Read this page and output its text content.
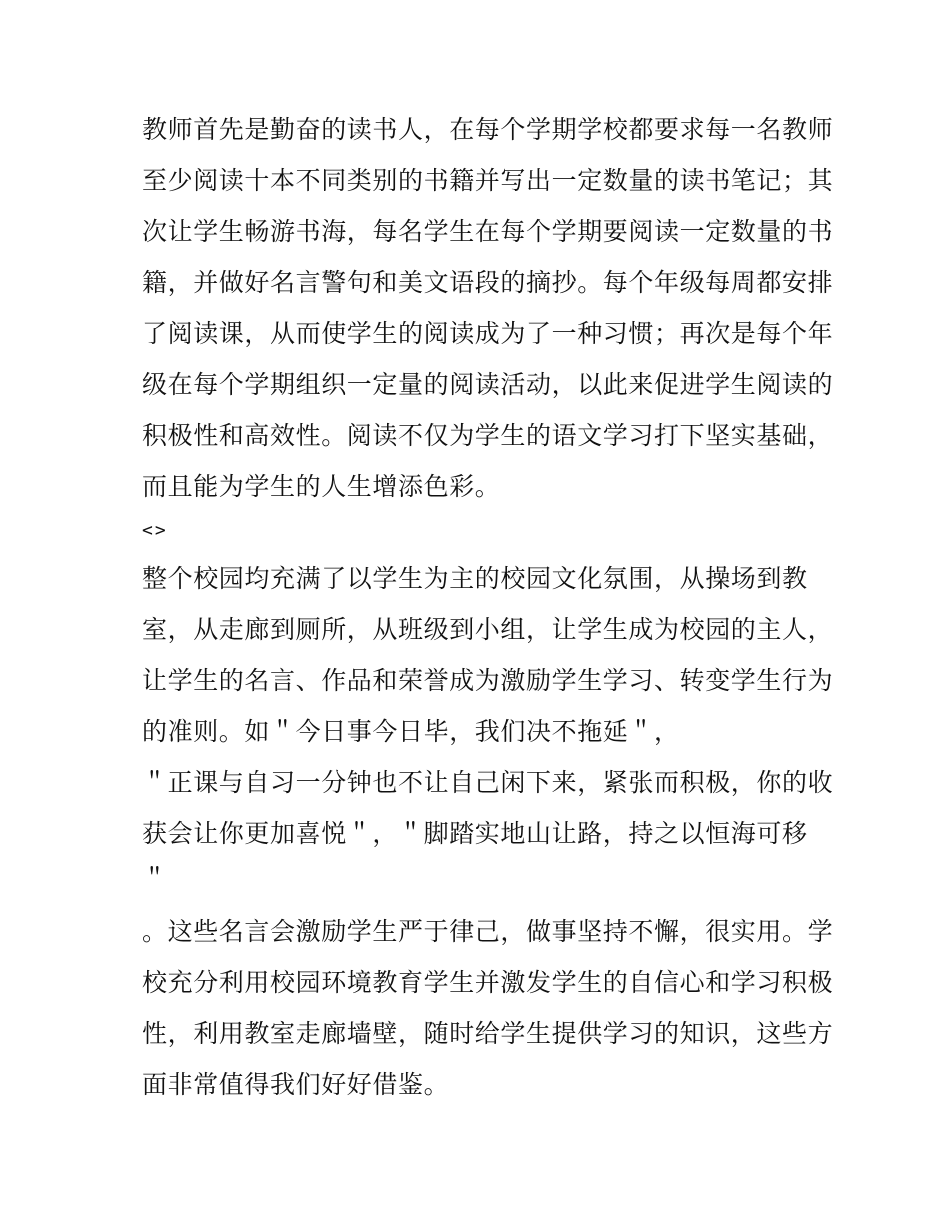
教师首先是勤奋的读书人，在每个学期学校都要求每一名教师
至少阅读十本不同类别的书籍并写出一定数量的读书笔记；其
次让学生畅游书海，每名学生在每个学期要阅读一定数量的书
籍，并做好名言警句和美文语段的摘抄。每个年级每周都安排
了阅读课，从而使学生的阅读成为了一种习惯；再次是每个年
级在每个学期组织一定量的阅读活动，以此来促进学生阅读的
积极性和高效性。阅读不仅为学生的语文学习打下坚实基础，
而且能为学生的人生增添色彩。
<>
整个校园均充满了以学生为主的校园文化氛围，从操场到教
室，从走廊到厕所，从班级到小组，让学生成为校园的主人，
让学生的名言、作品和荣誉成为激励学生学习、转变学生行为
的准则。如＂今日事今日毕，我们决不拖延＂，
＂正课与自习一分钟也不让自己闲下来，紧张而积极，你的收
获会让你更加喜悦＂，＂脚踏实地山让路，持之以恒海可移
＂
。这些名言会激励学生严于律己，做事坚持不懈，很实用。学
校充分利用校园环境教育学生并激发学生的自信心和学习积极
性，利用教室走廊墙壁，随时给学生提供学习的知识，这些方
面非常值得我们好好借鉴。
